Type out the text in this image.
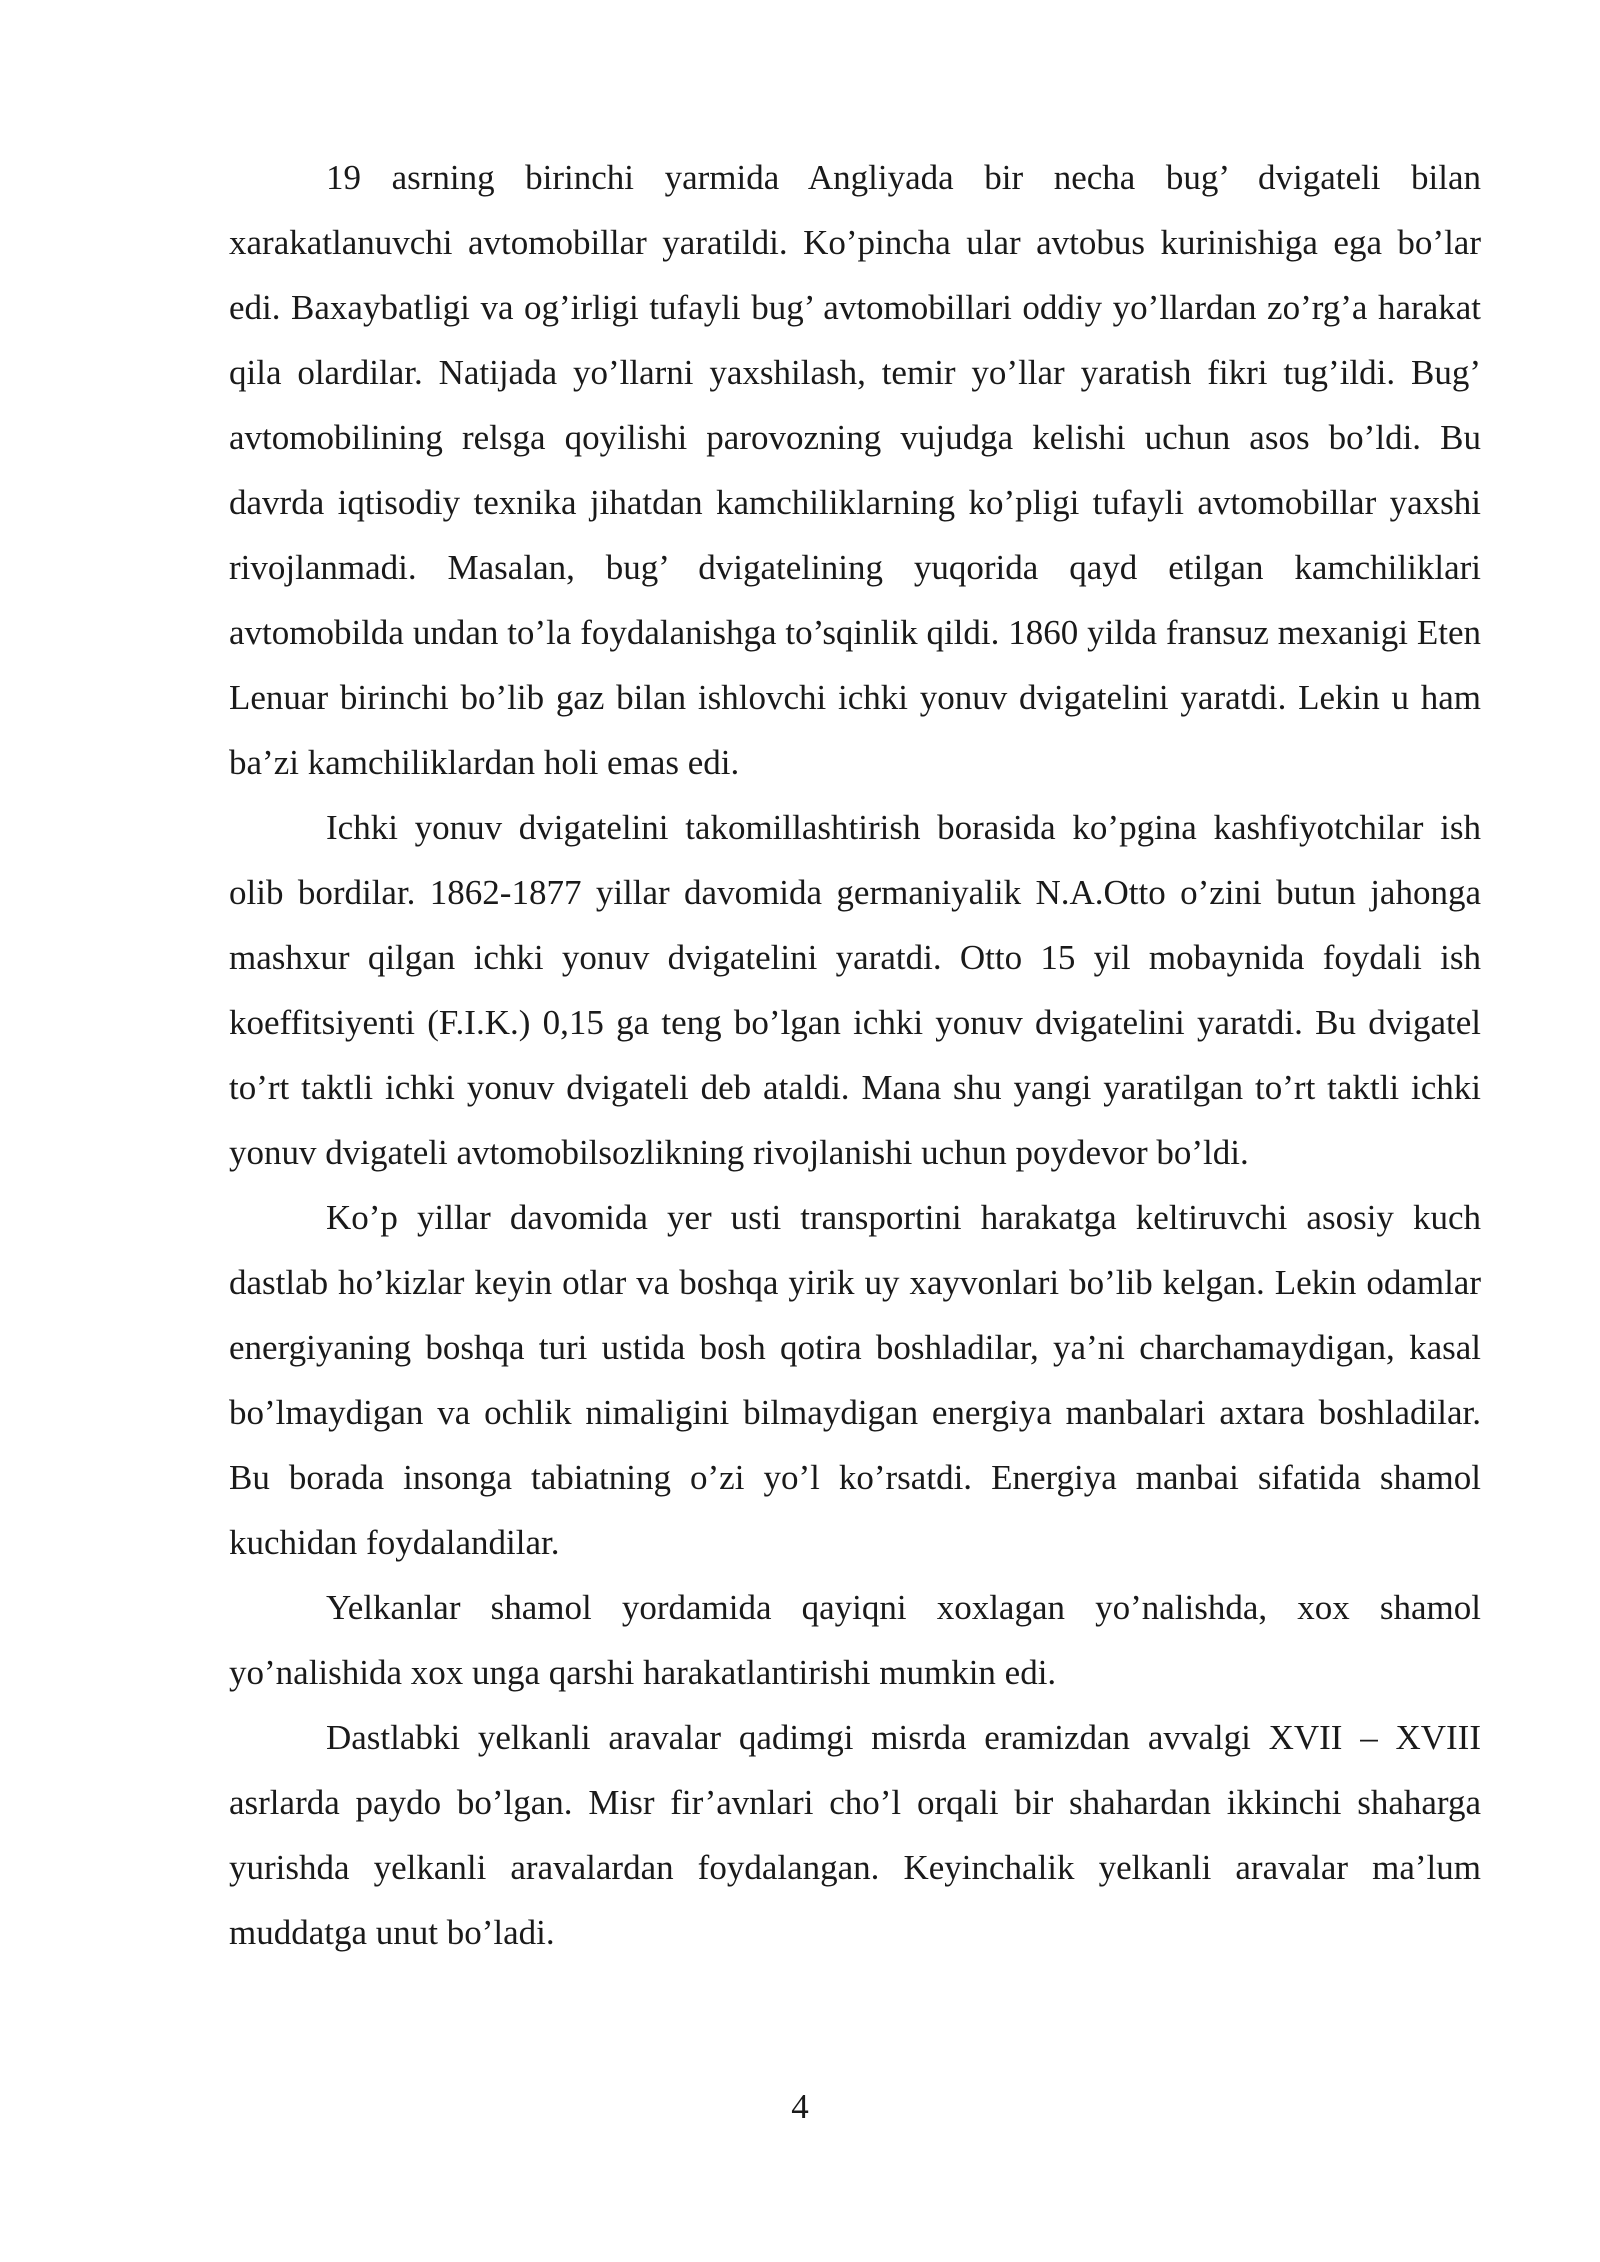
19 asrning birinchi yarmida Angliyada bir necha bug’ dvigateli bilan xarakatlanuvchi avtomobillar yaratildi. Ko’pincha ular avtobus kurinishiga ega bo’lar edi. Baxaybatligi va og’irligi tufayli bug’ avtomobillari oddiy yo’llardan zo’rg’a harakat qila olardilar. Natijada yo’llarni yaxshilash, temir yo’llar yaratish fikri tug’ildi. Bug’ avtomobilining relsga qoyilishi parovozning vujudga kelishi uchun asos bo’ldi. Bu davrda iqtisodiy texnika jihatdan kamchiliklarning ko’pligi tufayli avtomobillar yaxshi rivojlanmadi. Masalan, bug’ dvigatelining yuqorida qayd etilgan kamchiliklari avtomobilda undan to’la foydalanishga to’sqinlik qildi. 1860 yilda fransuz mexanigi Eten Lenuar birinchi bo’lib gaz bilan ishlovchi ichki yonuv dvigatelini yaratdi. Lekin u ham ba’zi kamchiliklardan holi emas edi.

Ichki yonuv dvigatelini takomillashtirish borasida ko’pgina kashfiyotchilar ish olib bordilar. 1862-1877 yillar davomida germaniyalik N.A.Otto o’zini butun jahonga mashxur qilgan ichki yonuv dvigatelini yaratdi. Otto 15 yil mobaynida foydali ish koeffitsiyenti (F.I.K.) 0,15 ga teng bo’lgan ichki yonuv dvigatelini yaratdi. Bu dvigatel to’rt taktli ichki yonuv dvigateli deb ataldi. Mana shu yangi yaratilgan to’rt taktli ichki yonuv dvigateli avtomobilsozlikning rivojlanishi uchun poydevor bo’ldi.

Ko’p yillar davomida yer usti transportini harakatga keltiruvchi asosiy kuch dastlab ho’kizlar keyin otlar va boshqa yirik uy xayvonlari bo’lib kelgan. Lekin odamlar energiyaning boshqa turi ustida bosh qotira boshladilar, ya’ni charchamaydigan, kasal bo’lmaydigan va ochlik nimaligini bilmaydigan energiya manbalari axtara boshladilar. Bu borada insonga tabiatning o’zi yo’l ko’rsatdi. Energiya manbai sifatida shamol kuchidan foydalandilar.

Yelkanlar shamol yordamida qayiqni xoxlagan yo’nalishda, xox shamol yo’nalishida xox unga qarshi harakatlantirishi mumkin edi.

Dastlabki yelkanli aravalar qadimgi misrda eramizdan avvalgi XVII – XVIII asrlarda paydo bo’lgan. Misr fir’avnlari cho’l orqali bir shahardan ikkinchi shaharga yurishda yelkanli aravalardan foydalangan. Keyinchalik yelkanli aravalar ma’lum muddatga unut bo’ladi.

4
